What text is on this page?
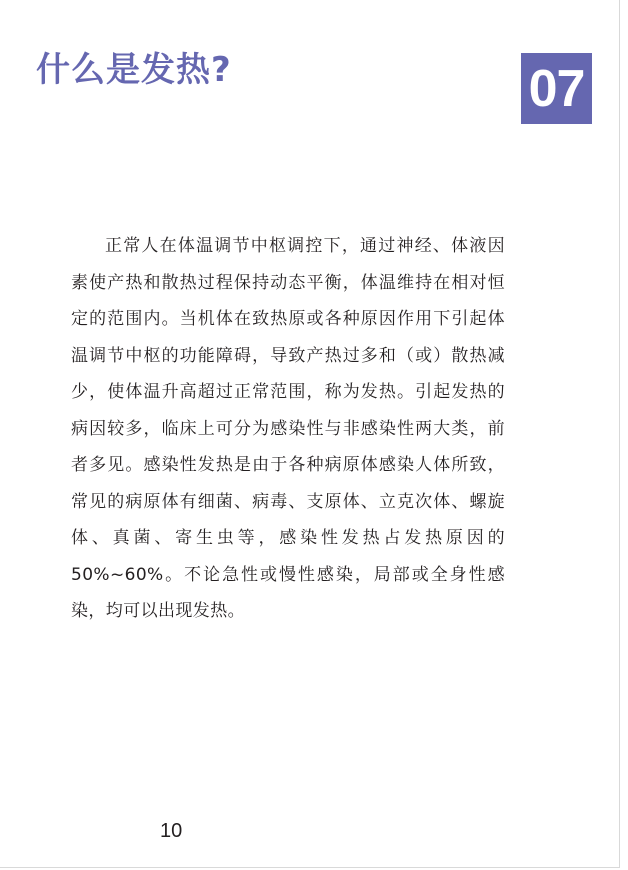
什么是发热?	07

正常人在体温调节中枢调控下，通过神经、体液因素使产热和散热过程保持动态平衡，体温维持在相对恒定的范围内。当机体在致热原或各种原因作用下引起体温调节中枢的功能障碍，导致产热过多和（或）散热减少，使体温升高超过正常范围，称为发热。引起发热的病因较多，临床上可分为感染性与非感染性两大类，前者多见。感染性发热是由于各种病原体感染人体所致，常见的病原体有细菌、病毒、支原体、立克次体、螺旋体、真菌、寄生虫等，感染性发热占发热原因的 50%~60%。不论急性或慢性感染，局部或全身性感染，均可以出现发热。

10
